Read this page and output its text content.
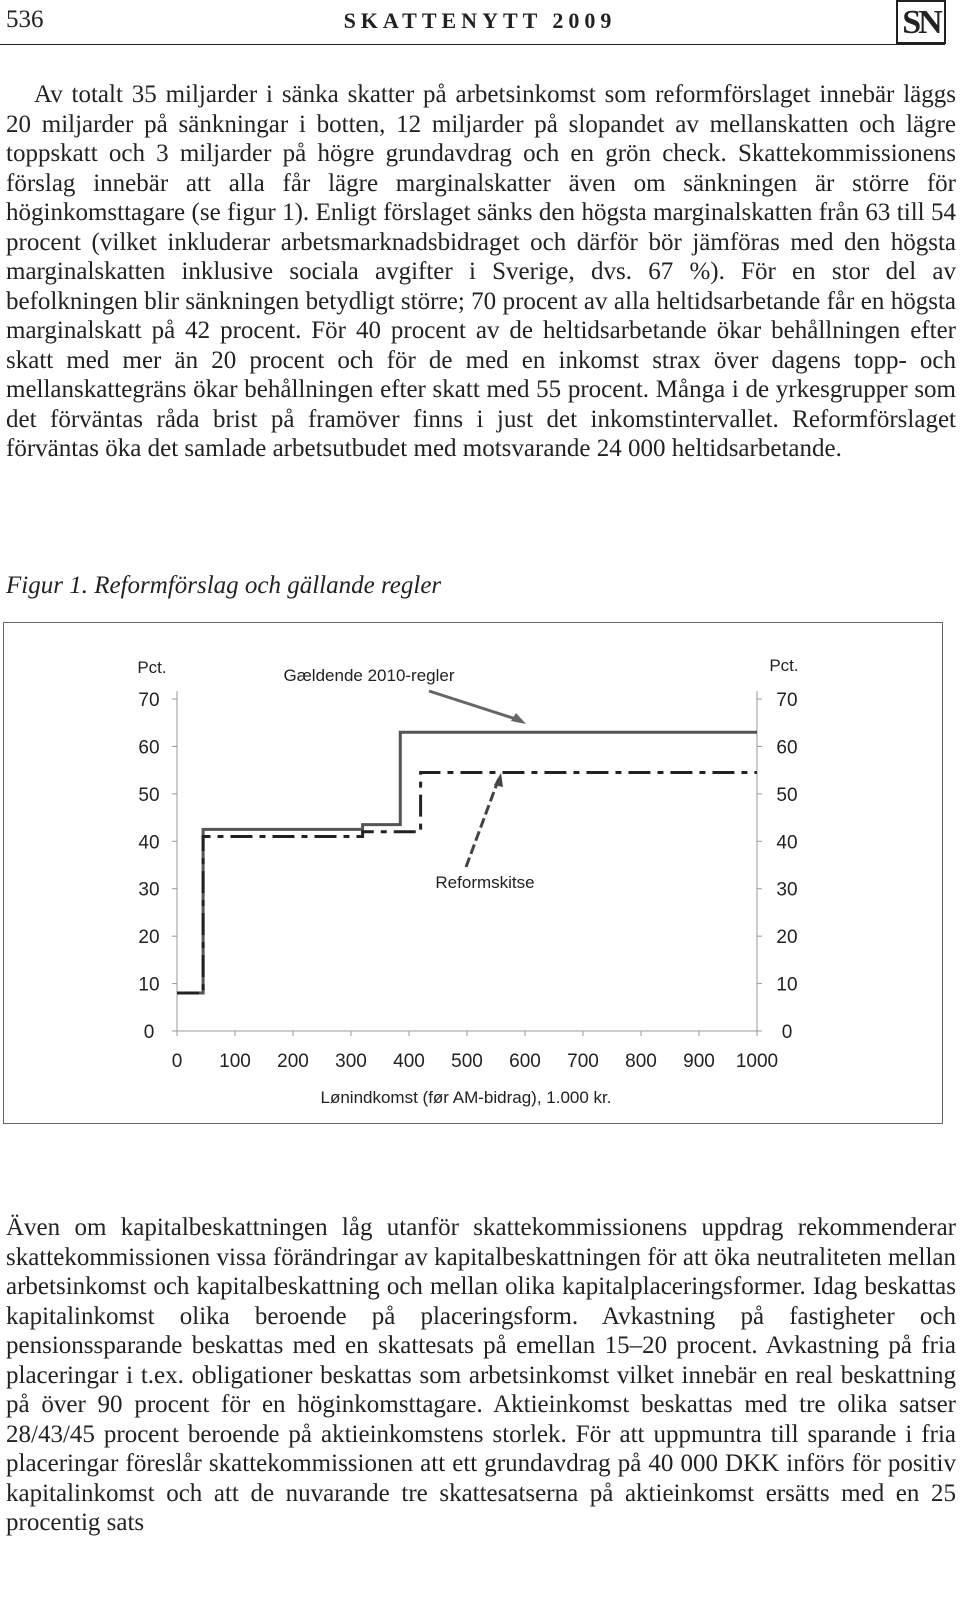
536	SKATTENYTT 2009	SN

Av totalt 35 miljarder i sänka skatter på arbetsinkomst som reformförslaget innebär läggs 20 miljarder på sänkningar i botten, 12 miljarder på slopandet av mellanskatten och lägre toppskatt och 3 miljarder på högre grundavdrag och en grön check. Skattekommissionens förslag innebär att alla får lägre marginalskatter även om sänkningen är större för höginkomsttagare (se figur 1). Enligt förslaget sänks den högsta marginalskatten från 63 till 54 procent (vilket inkluderar arbetsmarknadsbidraget och därför bör jämföras med den högsta marginalskatten inklusive sociala avgifter i Sverige, dvs. 67 %). För en stor del av befolkningen blir sänkningen betydligt större; 70 procent av alla heltidsarbetande får en högsta marginalskatt på 42 procent. För 40 procent av de heltidsarbetande ökar behållningen efter skatt med mer än 20 procent och för de med en inkomst strax över dagens topp- och mellanskattegräns ökar behållningen efter skatt med 55 procent. Många i de yrkesgrupper som det förväntas råda brist på framöver finns i just det inkomstintervallet. Reformförslaget förväntas öka det samlade arbetsutbudet med motsvarande 24 000 heltidsarbetande.

Figur 1. Reformförslag och gällande regler
0	0
10	10
20	20
30	30
40	40
50	50
60	60
70	70
0 100 200 300 400 500 600 700 800 900 1000
Pct.	Pct.
Lønindkomst (før AM-bidrag), 1.000 kr.
Gældende 2010-regler
Reformskitse

Även om kapitalbeskattningen låg utanför skattekommissionens uppdrag rekommenderar skattekommissionen vissa förändringar av kapitalbeskattningen för att öka neutraliteten mellan arbetsinkomst och kapitalbeskattning och mellan olika kapitalplaceringsformer. Idag beskattas kapitalinkomst olika beroende på placeringsform. Avkastning på fastigheter och pensionssparande beskattas med en skattesats på emellan 15–20 procent. Avkastning på fria placeringar i t.ex. obligationer beskattas som arbetsinkomst vilket innebär en real beskattning på över 90 procent för en höginkomsttagare. Aktieinkomst beskattas med tre olika satser 28/43/45 procent beroende på aktieinkomstens storlek. För att uppmuntra till sparande i fria placeringar föreslår skattekommissionen att ett grundavdrag på 40 000 DKK införs för positiv kapitalinkomst och att de nuvarande tre skattesatserna på aktieinkomst ersätts med en 25 procentig sats
